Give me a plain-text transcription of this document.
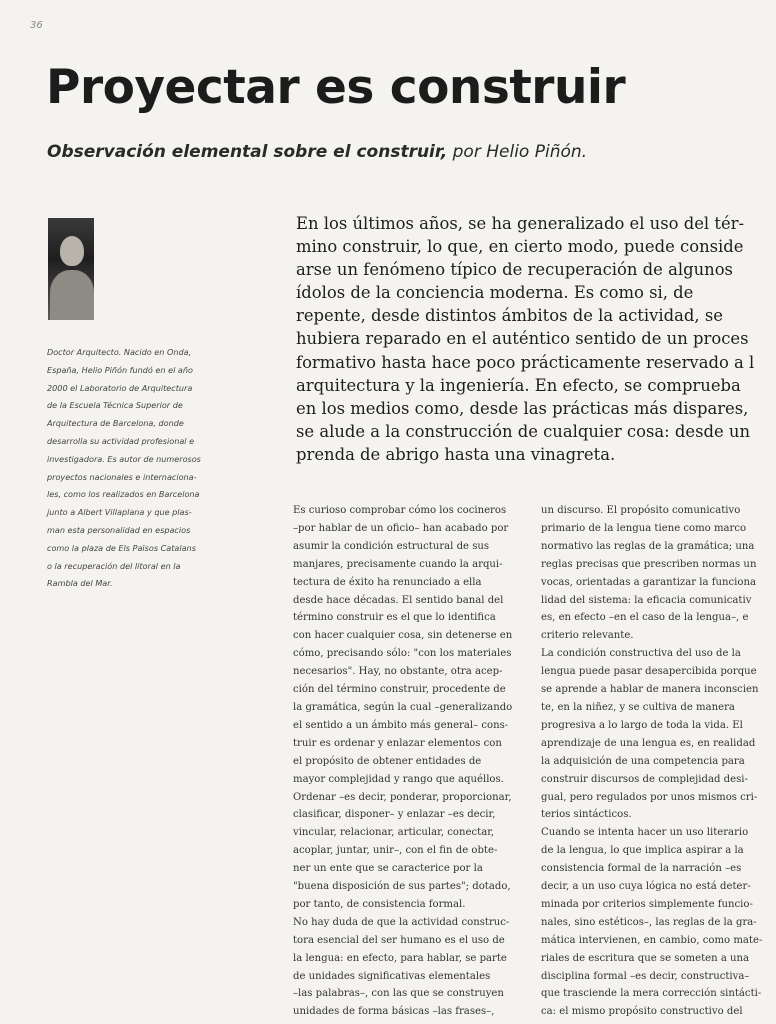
36
Proyectar es construir

Observación elemental sobre el construir, por Helio Piñón.

Doctor Arquitecto. Nacido en Onda,
España, Helio Piñón fundó en el año
2000 el Laboratorio de Arquitectura
de la Escuela Técnica Superior de
Arquitectura de Barcelona, donde
desarrolla su actividad profesional e
investigadora. Es autor de numerosos
proyectos nacionales e internaciona-
les, como los realizados en Barcelona
junto a Albert Villaplana y que plas-
man esta personalidad en espacios
como la plaza de Els Països Catalans
o la recuperación del litoral en la
Rambla del Mar.
En los últimos años, se ha generalizado el uso del tér-
mino construir, lo que, en cierto modo, puede conside
arse un fenómeno típico de recuperación de algunos
ídolos de la conciencia moderna. Es como si, de
repente, desde distintos ámbitos de la actividad, se
hubiera reparado en el auténtico sentido de un proces
formativo hasta hace poco prácticamente reservado a l
arquitectura y la ingeniería. En efecto, se comprueba
en los medios como, desde las prácticas más dispares,
se alude a la construcción de cualquier cosa: desde un
prenda de abrigo hasta una vinagreta.
Es curioso comprobar cómo los cocineros
–por hablar de un oficio– han acabado por
asumir la condición estructural de sus
manjares, precisamente cuando la arqui-
tectura de éxito ha renunciado a ella
desde hace décadas. El sentido banal del
término construir es el que lo identifica
con hacer cualquier cosa, sin detenerse en
cómo, precisando sólo: "con los materiales
necesarios". Hay, no obstante, otra acep-
ción del término construir, procedente de
la gramática, según la cual –generalizando
el sentido a un ámbito más general– cons-
truir es ordenar y enlazar elementos con
el propósito de obtener entidades de
mayor complejidad y rango que aquéllos.
Ordenar –es decir, ponderar, proporcionar,
clasificar, disponer– y enlazar –es decir,
vincular, relacionar, articular, conectar,
acoplar, juntar, unir–, con el fin de obte-
ner un ente que se caracterice por la
"buena disposición de sus partes"; dotado,
por tanto, de consistencia formal.
No hay duda de que la actividad construc-
tora esencial del ser humano es el uso de
la lengua: en efecto, para hablar, se parte
de unidades significativas elementales
–las palabras–, con las que se construyen
unidades de forma básicas –las frases–,
un discurso. El propósito comunicativo
primario de la lengua tiene como marco
normativo las reglas de la gramática; una
reglas precisas que prescriben normas un
vocas, orientadas a garantizar la funciona
lidad del sistema: la eficacia comunicativ
es, en efecto –en el caso de la lengua–, e
criterio relevante.
La condición constructiva del uso de la
lengua puede pasar desapercibida porque
se aprende a hablar de manera inconscien
te, en la niñez, y se cultiva de manera
progresiva a lo largo de toda la vida. El
aprendizaje de una lengua es, en realidad
la adquisición de una competencia para
construir discursos de complejidad desi-
gual, pero regulados por unos mismos cri-
terios sintácticos.
Cuando se intenta hacer un uso literario
de la lengua, lo que implica aspirar a la
consistencia formal de la narración –es
decir, a un uso cuya lógica no está deter-
minada por criterios simplemente funcio-
nales, sino estéticos–, las reglas de la gra-
mática intervienen, en cambio, como mate-
riales de escritura que se someten a una
disciplina formal –es decir, constructiva–
que trasciende la mera corrección sintácti-
ca: el mismo propósito constructivo del
